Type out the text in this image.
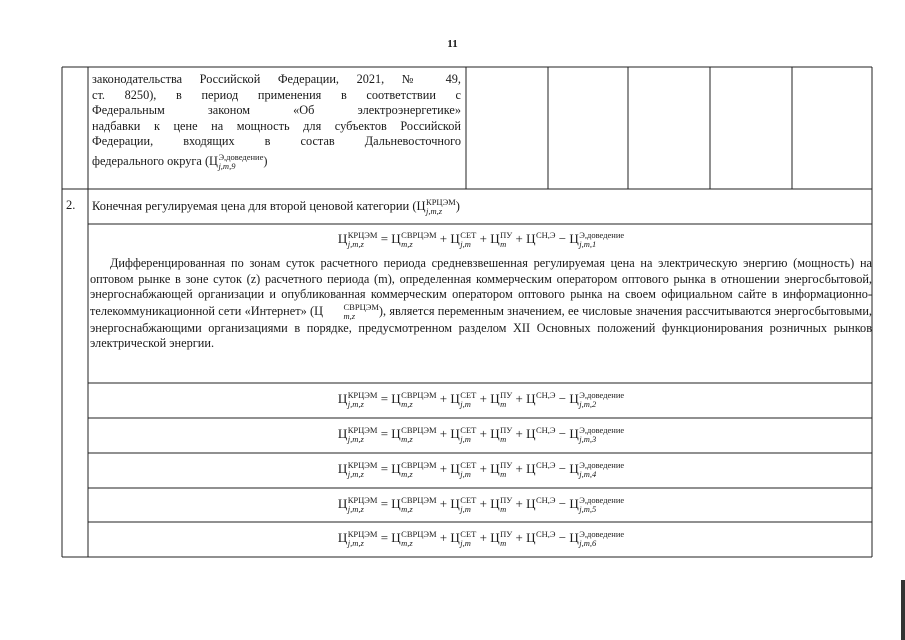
11
законодательства Российской Федерации, 2021, № 49,
ст. 8250), в период применения в соответствии с
Федеральным законом «Об электроэнергетике»
надбавки к цене на мощность для субъектов Российской
Федерации, входящих в состав Дальневосточного
федерального округа (Ц Э,доведение
j,m,9	)
2. Конечная регулируемая цена для второй ценовой категории (Ц КРЦЭМ
j,m,z	)
Ц КРЦЭМ
j,m,z	= Ц СВРЦЭМ
m,z	+ Ц СЕТ
j,m + Ц ПУ
m + Ц СН,Э
− Ц Э,доведение
j,m,1

Дифференцированная по зонам суток расчетного периода средневзвешенная регулируемая цена на электрическую энергию (мощность) на оптовом рынке в зоне суток (z) расчетного периода (m), определенная коммерческим оператором оптового рынка в отношении энергосбытовой, энергоснабжающей организации и опубликованная коммерческим оператором оптового рынка на своем официальном сайте в информационно-телекоммуникационной сети «Интернет» (Ц	СВРЦЭМ
m,z	), является переменным значением, ее числовые значения рассчитываются энергосбытовыми, энергоснабжающими организациями в порядке, предусмотренном разделом XII Основных положений функционирования розничных рынков электрической энергии.

Ц КРЦЭМ
j,m,z	= Ц СВРЦЭМ
m,z	+ Ц СЕТ
j,m + Ц ПУ
m + Ц СН,Э
− Ц Э,доведение
j,m,2
Ц КРЦЭМ
j,m,z	= Ц СВРЦЭМ
m,z	+ Ц СЕТ
j,m + Ц ПУ
m + Ц СН,Э
− Ц Э,доведение
j,m,3
Ц КРЦЭМ
j,m,z	= Ц СВРЦЭМ
m,z	+ Ц СЕТ
j,m + Ц ПУ
m + Ц СН,Э
− Ц Э,доведение
j,m,4
Ц КРЦЭМ
j,m,z	= Ц СВРЦЭМ
m,z	+ Ц СЕТ
j,m + Ц ПУ
m + Ц СН,Э
− Ц Э,доведение
j,m,5
Ц КРЦЭМ
j,m,z	= Ц СВРЦЭМ
m,z	+ Ц СЕТ
j,m + Ц ПУ
m + Ц СН,Э
− Ц Э,доведение
j,m,6
